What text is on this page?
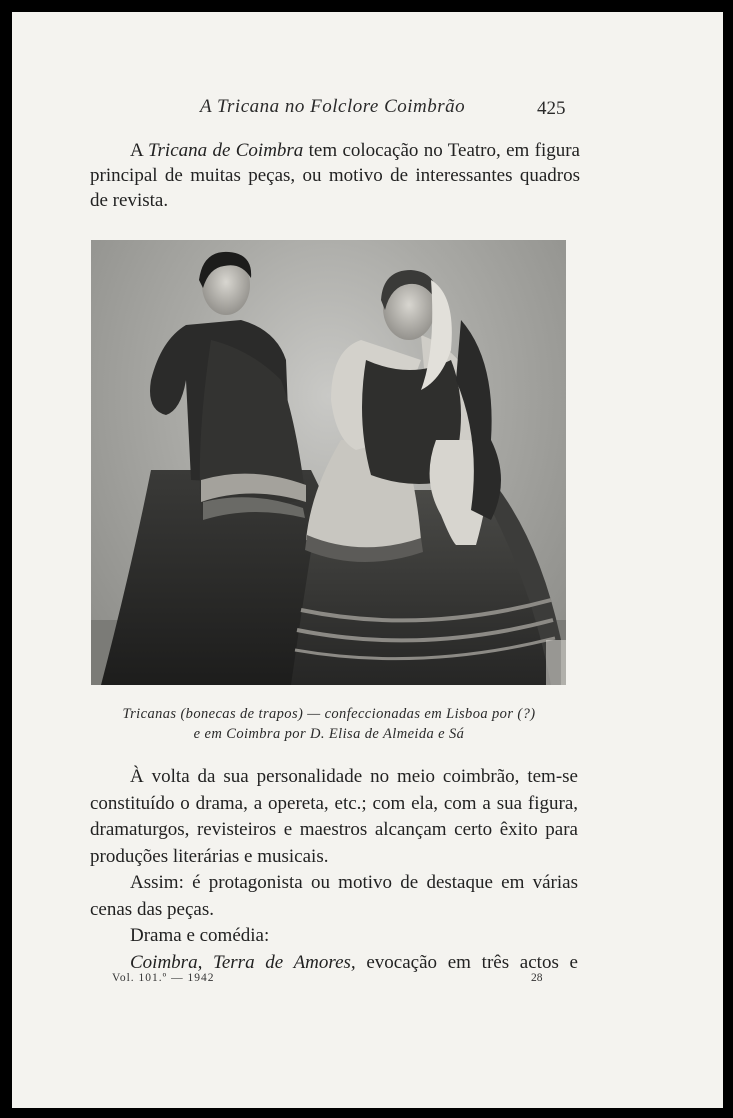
A Tricana no Folclore Coimbrão	425

A Tricana de Coimbra tem colocação no Teatro, em figura principal de muitas peças, ou motivo de interessantes quadros de revista.

Tricanas (bonecas de trapos) — confeccionadas em Lisboa por (?)
e em Coimbra por D. Elisa de Almeida e Sá

À volta da sua personalidade no meio coimbrão, tem-se constituído o drama, a opereta, etc.; com ela, com a sua figura, dramaturgos, revisteiros e maestros alcançam certo êxito para produções literárias e musicais.

Assim: é protagonista ou motivo de destaque em várias cenas das peças.

Drama e comédia:

Coimbra, Terra de Amores, evocação em três actos e

Vol. 101.º — 1942	28
